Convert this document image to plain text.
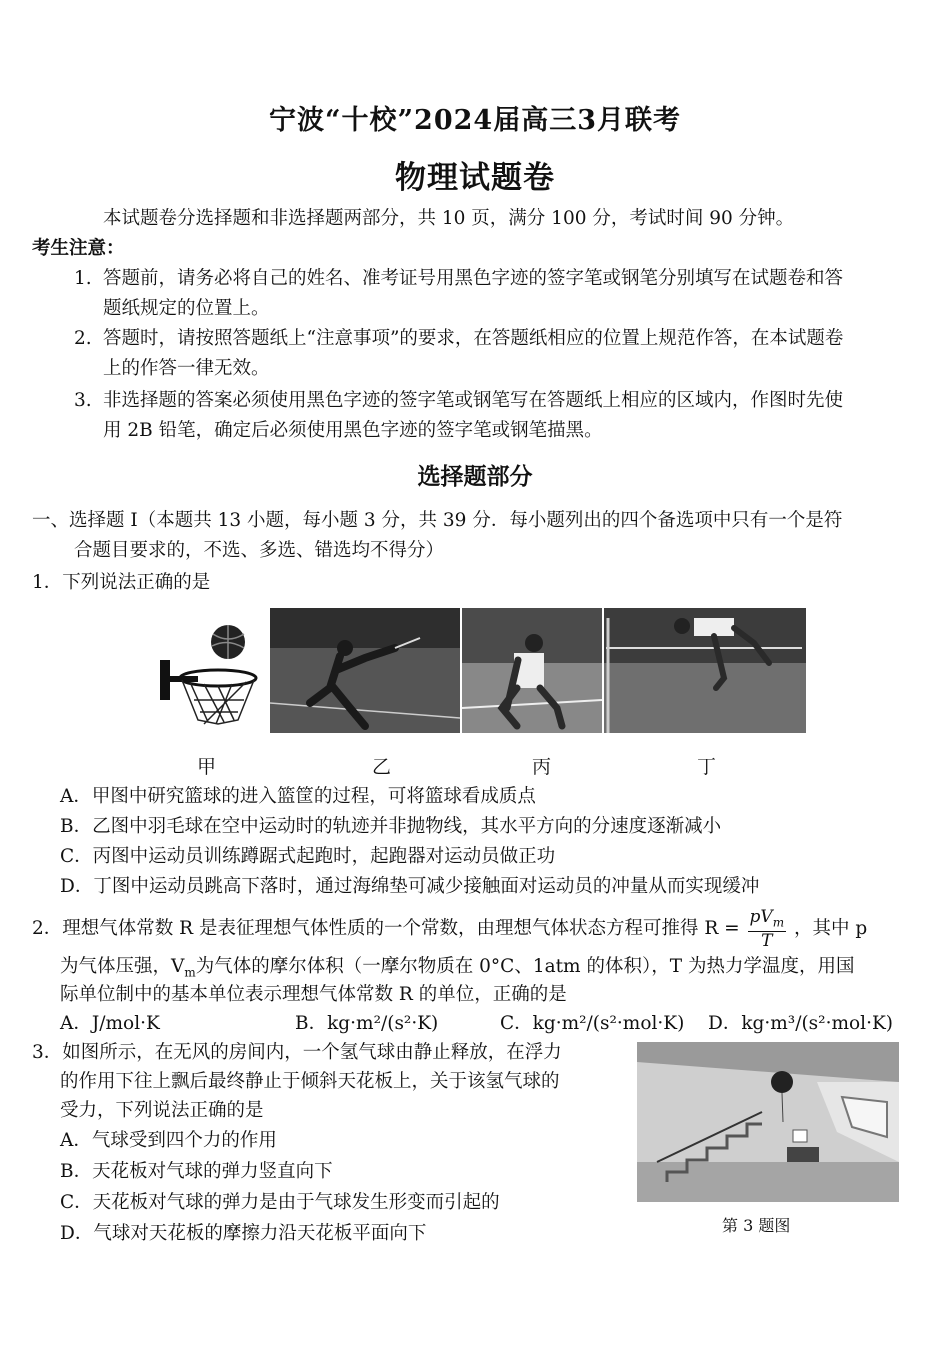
宁波“十校”2024届高三3月联考
物理试题卷
本试题卷分选择题和非选择题两部分，共 10 页，满分 100 分，考试时间 90 分钟。
考生注意：
1. 答题前，请务必将自己的姓名、准考证号用黑色字迹的签字笔或钢笔分别填写在试题卷和答
题纸规定的位置上。
2. 答题时，请按照答题纸上“注意事项”的要求，在答题纸相应的位置上规范作答，在本试题卷
上的作答一律无效。
3. 非选择题的答案必须使用黑色字迹的签字笔或钢笔写在答题纸上相应的区域内，作图时先使
用 2B 铅笔，确定后必须使用黑色字迹的签字笔或钢笔描黑。
选择题部分
一、选择题 I（本题共 13 小题，每小题 3 分，共 39 分．每小题列出的四个备选项中只有一个是符
合题目要求的，不选、多选、错选均不得分）
1．下列说法正确的是
甲	乙	丙	丁
A．甲图中研究篮球的进入篮筐的过程，可将篮球看成质点
B．乙图中羽毛球在空中运动时的轨迹并非抛物线，其水平方向的分速度逐渐减小
C．丙图中运动员训练蹲踞式起跑时，起跑器对运动员做正功
D．丁图中运动员跳高下落时，通过海绵垫可减少接触面对运动员的冲量从而实现缓冲
2．理想气体常数 R 是表征理想气体性质的一个常数，由理想气体状态方程可推得 $R = \frac{pV_m}{T}$ ，其中 p
为气体压强，$V_m$为气体的摩尔体积（一摩尔物质在 0°C、1atm 的体积），T 为热力学温度，用国
际单位制中的基本单位表示理想气体常数 R 的单位，正确的是
A．J/mol·K	B．kg·m²/(s²·K)	C．kg·m²/(s²·mol·K) D．kg·m³/(s²·mol·K)
3．如图所示，在无风的房间内，一个氢气球由静止释放，在浮力
的作用下往上飘后最终静止于倾斜天花板上，关于该氢气球的
受力，下列说法正确的是
A．气球受到四个力的作用
B．天花板对气球的弹力竖直向下
C．天花板对气球的弹力是由于气球发生形变而引起的
D．气球对天花板的摩擦力沿天花板平面向下	第 3 题图
